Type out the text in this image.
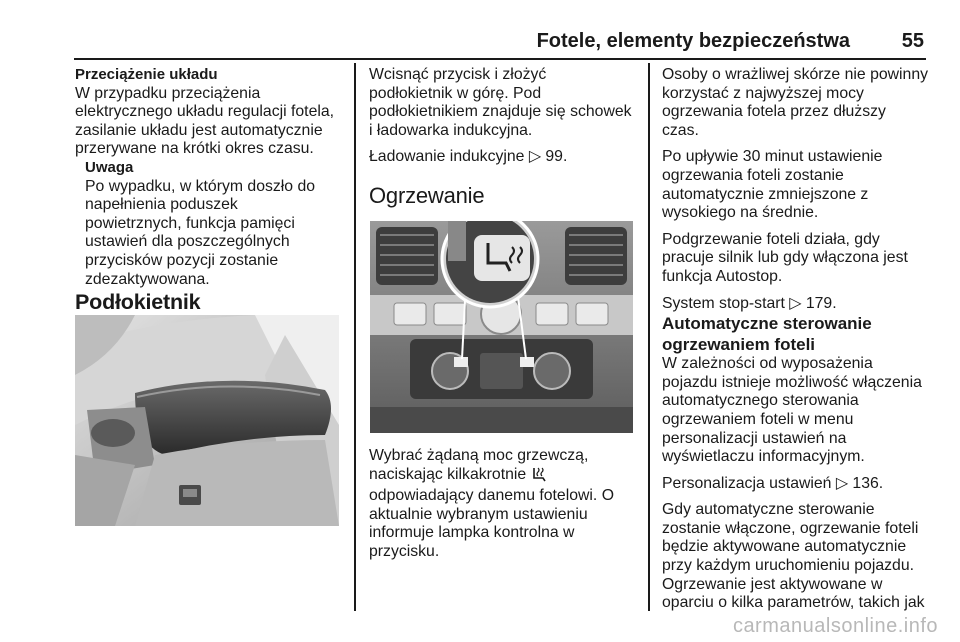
Fotele, elementy bezpieczeństwa	55

Przeciążenie układu

W przypadku przeciążenia

elektrycznego układu regulacji fotela,

zasilanie układu jest automatycznie

przerywane na krótki okres czasu.

Uwaga

Po wypadku, w którym doszło do

napełnienia poduszek

powietrznych, funkcja pamięci

ustawień dla poszczególnych

przycisków pozycji zostanie

zdezaktywowana.

Podłokietnik

Wcisnąć przycisk i złożyć

podłokietnik w górę. Pod

podłokietnikiem znajduje się schowek

i ładowarka indukcyjna.

Ładowanie indukcyjne ▷ 99.

Ogrzewanie

Wybrać żądaną moc grzewczą,

naciskając kilkakrotnie

odpowiadający danemu fotelowi. O

aktualnie wybranym ustawieniu

informuje lampka kontrolna w

przycisku.

Osoby o wrażliwej skórze nie powinny

korzystać z najwyższej mocy

ogrzewania fotela przez dłuższy

czas.

Po upływie 30 minut ustawienie

ogrzewania foteli zostanie

automatycznie zmniejszone z

wysokiego na średnie.

Podgrzewanie foteli działa, gdy

pracuje silnik lub gdy włączona jest

funkcja Autostop.

System stop-start ▷ 179.

Automatyczne sterowanie
ogrzewaniem foteli

W zależności od wyposażenia

pojazdu istnieje możliwość włączenia

automatycznego sterowania

ogrzewaniem foteli w menu

personalizacji ustawień na

wyświetlaczu informacyjnym.

Personalizacja ustawień ▷ 136.

Gdy automatyczne sterowanie

zostanie włączone, ogrzewanie foteli

będzie aktywowane automatycznie

przy każdym uruchomieniu pojazdu.

Ogrzewanie jest aktywowane w

oparciu o kilka parametrów, takich jak

carmanualsonline.info
